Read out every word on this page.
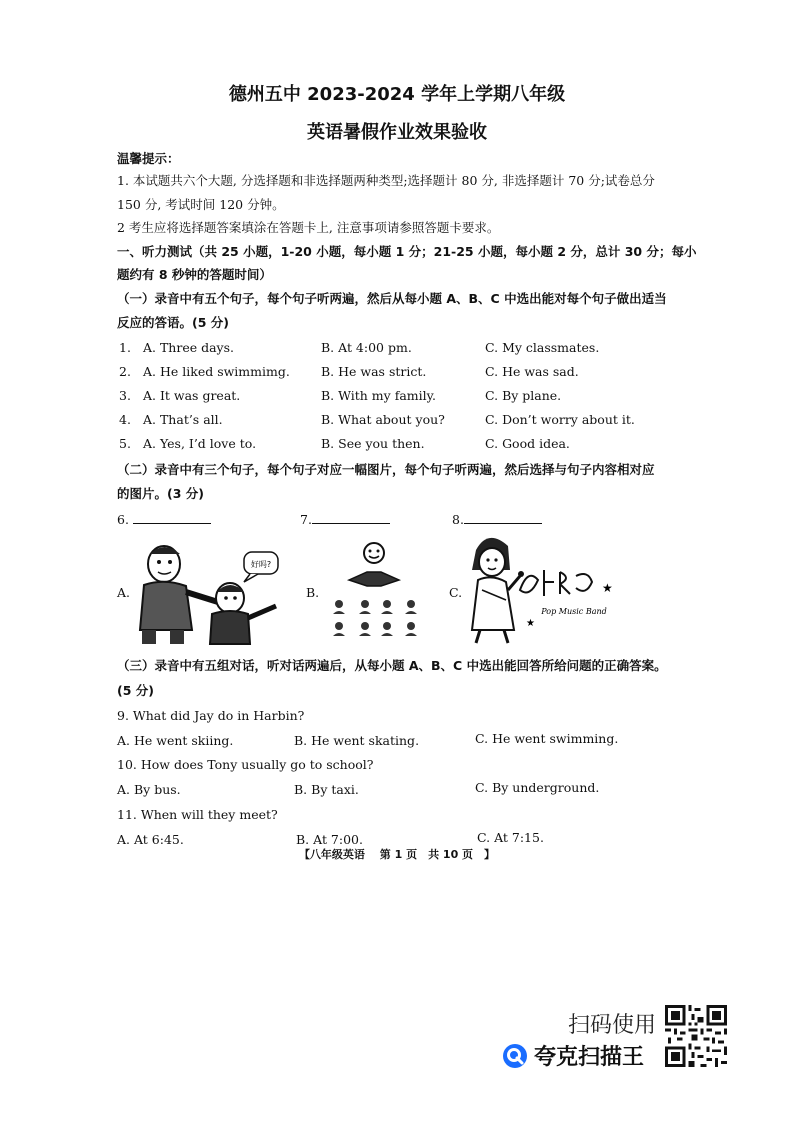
德州五中 2023-2024 学年上学期八年级
英语暑假作业效果验收
温馨提示：
1. 本试题共六个大题, 分选择题和非选择题两种类型;选择题计 80 分, 非选择题计 70 分;试卷总分
150 分, 考试时间 120 分钟。
2 考生应将选择题答案填涂在答题卡上, 注意事项请参照答题卡要求。
一、听力测试（共 25 小题，1-20 小题，每小题 1 分；21-25 小题，每小题 2 分，总计 30 分；每小
题约有 8 秒钟的答题时间）
（一）录音中有五个句子，每个句子听两遍，然后从每小题 A、B、C 中选出能对每个句子做出适当
反应的答语。(5 分)
1. A. Three days.	B. At 4:00 pm.	C. My classmates.
2. A. He liked swimmimg. B. He was strict.	C. He was sad.
3. A. It was great.	B. With my family.	C. By plane.
4. A. That’s all.	B. What about you?	C. Don’t worry about it.
5. A. Yes, I’d love to.	B. See you then.	C. Good idea.
（二）录音中有三个句子，每个句子对应一幅图片，每个句子听两遍，然后选择与句子内容相对应
的图片。(3 分)
6.	7.	8.
A.
好吗?
B.	C.
Pop Music Band
★
★
（三）录音中有五组对话，听对话两遍后，从每小题 A、B、C 中选出能回答所给问题的正确答案。
(5 分)
9. What did Jay do in Harbin?
A. He went skiing.	B. He went skating.	C. He went swimming.
10. How does Tony usually go to school?
A. By bus.	B. By taxi.	C. By underground.
11. When will they meet?
A. At 6:45.	B. At 7:00.	C. At 7:15.
【八年级英语　 第 1 页　共 10 页　】
扫码使用
夸克扫描王
